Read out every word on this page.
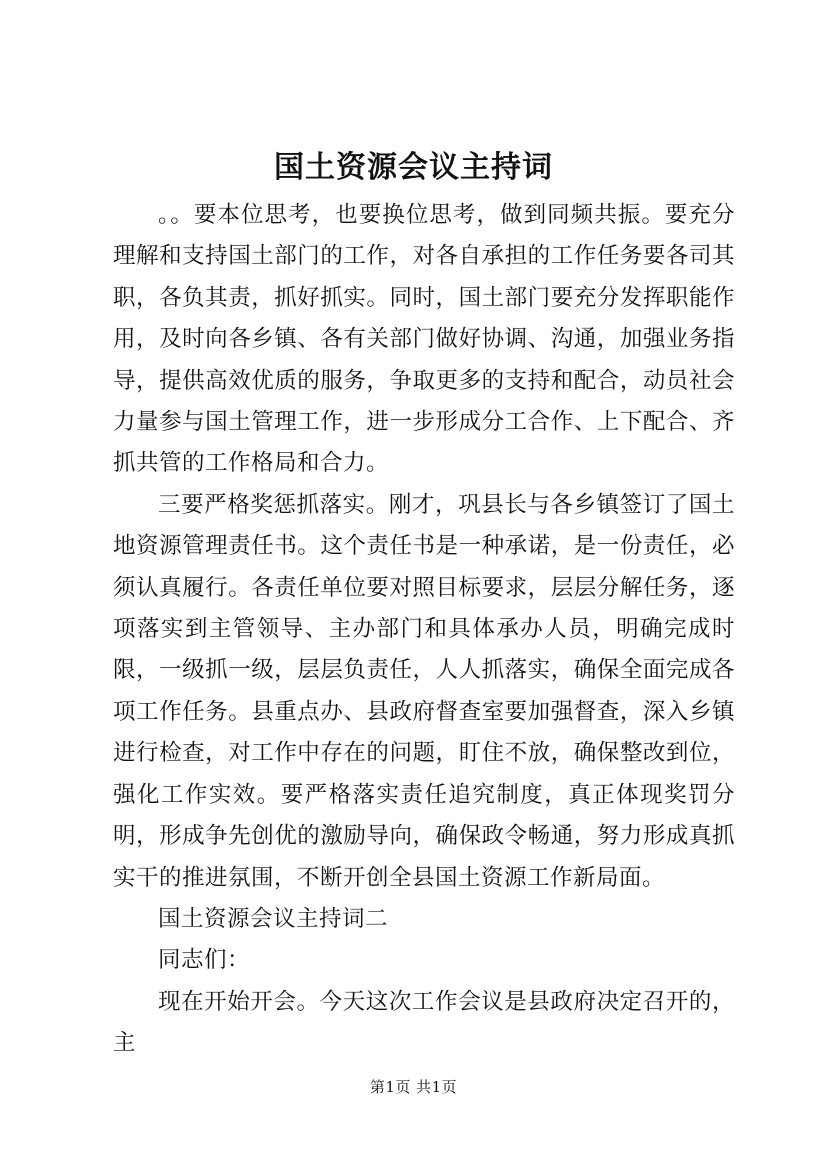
国土资源会议主持词

。。要本位思考，也要换位思考，做到同频共振。要充分理解和支持国土部门的工作，对各自承担的工作任务要各司其职，各负其责，抓好抓实。同时，国土部门要充分发挥职能作用，及时向各乡镇、各有关部门做好协调、沟通，加强业务指导，提供高效优质的服务，争取更多的支持和配合，动员社会力量参与国土管理工作，进一步形成分工合作、上下配合、齐抓共管的工作格局和合力。

三要严格奖惩抓落实。刚才，巩县长与各乡镇签订了国土地资源管理责任书。这个责任书是一种承诺，是一份责任，必须认真履行。各责任单位要对照目标要求，层层分解任务，逐项落实到主管领导、主办部门和具体承办人员，明确完成时限，一级抓一级，层层负责任，人人抓落实，确保全面完成各项工作任务。县重点办、县政府督查室要加强督查，深入乡镇进行检查，对工作中存在的问题，盯住不放，确保整改到位，强化工作实效。要严格落实责任追究制度，真正体现奖罚分明，形成争先创优的激励导向，确保政令畅通，努力形成真抓实干的推进氛围，不断开创全县国土资源工作新局面。

国土资源会议主持词二

同志们：

现在开始开会。今天这次工作会议是县政府决定召开的，主

第1页 共1页
